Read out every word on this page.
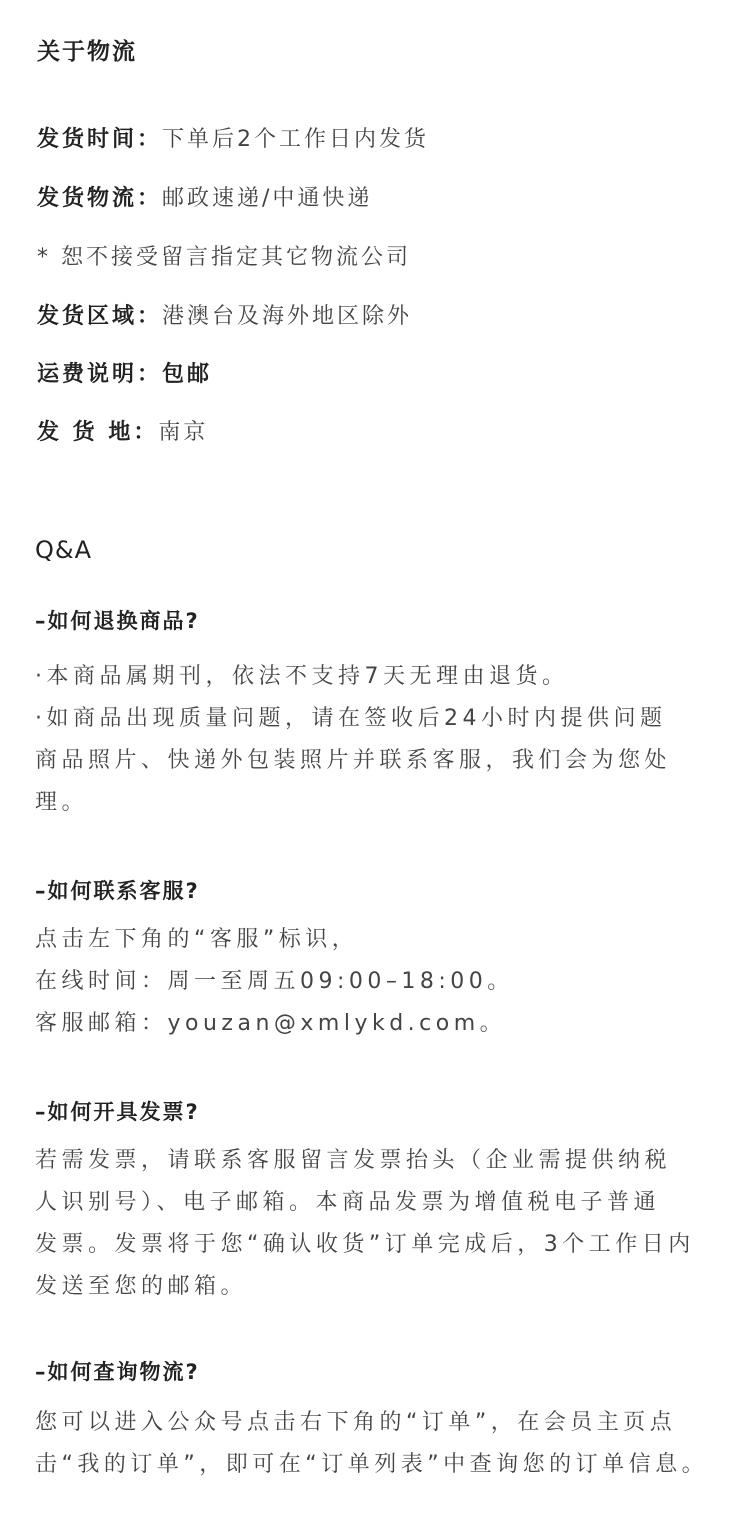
关于物流
发货时间：下单后2个工作日内发货
发货物流：邮政速递/中通快递
* 恕不接受留言指定其它物流公司
发货区域：港澳台及海外地区除外
运费说明：包邮
发 货 地：南京
Q&A
–如何退换商品?
·本商品属期刊，依法不支持7天无理由退货。
·如商品出现质量问题，请在签收后24小时内提供问题
商品照片、快递外包装照片并联系客服，我们会为您处
理。
–如何联系客服?
点击左下角的“客服”标识，
在线时间：周一至周五09:00–18:00。
客服邮箱：youzan@xmlykd.com。
–如何开具发票?
若需发票，请联系客服留言发票抬头（企业需提供纳税
人识别号）、电子邮箱。本商品发票为增值税电子普通
发票。发票将于您“确认收货”订单完成后，3个工作日内
发送至您的邮箱。
–如何查询物流?
您可以进入公众号点击右下角的“订单”，在会员主页点
击“我的订单”，即可在“订单列表”中查询您的订单信息。
